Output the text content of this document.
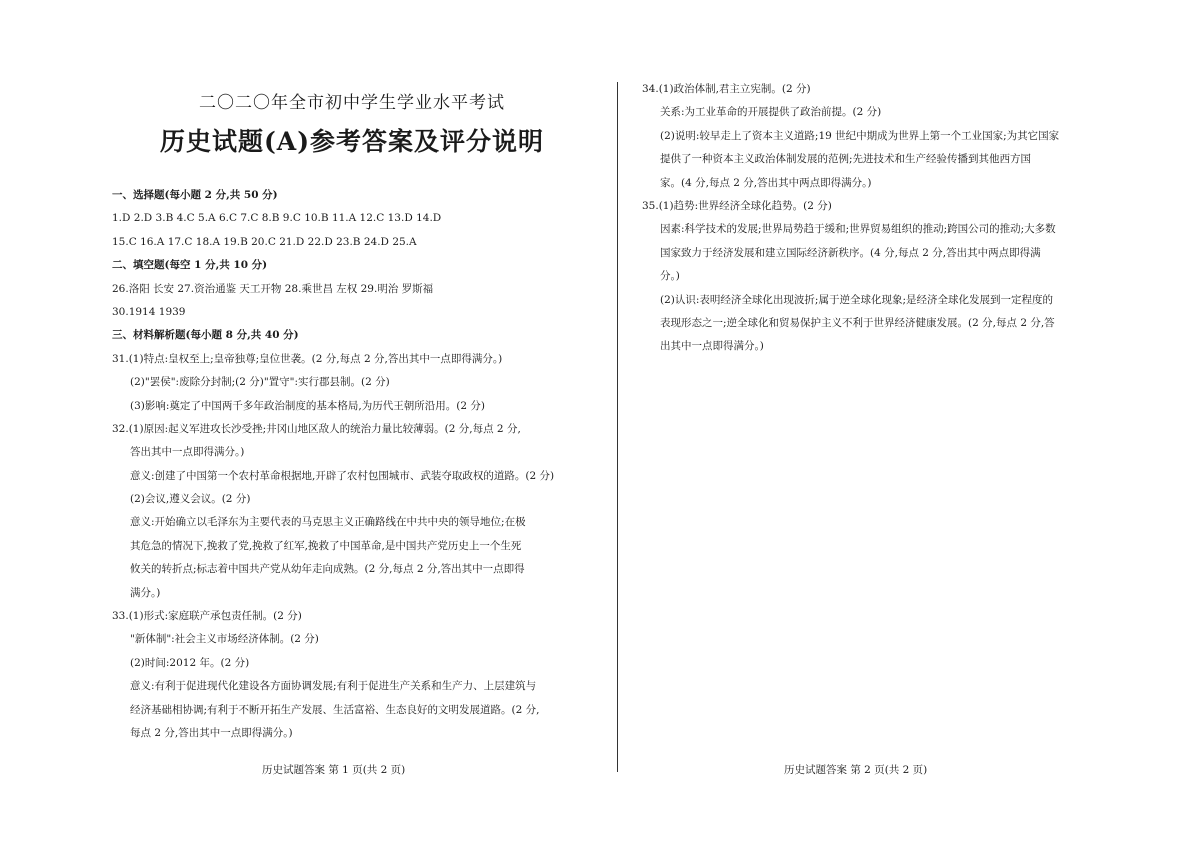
二〇二〇年全市初中学生学业水平考试
历史试题(A)参考答案及评分说明
一、选择题(每小题 2 分,共 50 分)
1.D 2.D 3.B 4.C 5.A 6.C 7.C 8.B 9.C 10.B 11.A 12.C 13.D 14.D
15.C 16.A 17.C 18.A 19.B 20.C 21.D 22.D 23.B 24.D 25.A
二、填空题(每空 1 分,共 10 分)
26.洛阳 长安 27.资治通鉴 天工开物 28.乘世昌 左权 29.明治 罗斯福
30.1914 1939
三、材料解析题(每小题 8 分,共 40 分)
31.(1)特点:皇权至上;皇帝独尊;皇位世袭。(2 分,每点 2 分,答出其中一点即得满分。)
(2)"罢侯":废除分封制;(2 分)"置守":实行郡县制。(2 分)
(3)影响:奠定了中国两千多年政治制度的基本格局,为历代王朝所沿用。(2 分)
32.(1)原因:起义军进攻长沙受挫;井冈山地区敌人的统治力量比较薄弱。(2 分,每点 2 分,
答出其中一点即得满分。)
意义:创建了中国第一个农村革命根据地,开辟了农村包围城市、武装夺取政权的道路。(2 分)
(2)会议,遵义会议。(2 分)
意义:开始确立以毛泽东为主要代表的马克思主义正确路线在中共中央的领导地位;在极
其危急的情况下,挽救了党,挽救了红军,挽救了中国革命,是中国共产党历史上一个生死
攸关的转折点;标志着中国共产党从幼年走向成熟。(2 分,每点 2 分,答出其中一点即得
满分。)
33.(1)形式:家庭联产承包责任制。(2 分)
"新体制":社会主义市场经济体制。(2 分)
(2)时间:2012 年。(2 分)
意义:有利于促进现代化建设各方面协调发展;有利于促进生产关系和生产力、上层建筑与
经济基础相协调;有利于不断开拓生产发展、生活富裕、生态良好的文明发展道路。(2 分,
每点 2 分,答出其中一点即得满分。)
历史试题答案 第 1 页(共 2 页)
34.(1)政治体制,君主立宪制。(2 分)
关系:为工业革命的开展提供了政治前提。(2 分)
(2)说明:较早走上了资本主义道路;19 世纪中期成为世界上第一个工业国家;为其它国家
提供了一种资本主义政治体制发展的范例;先进技术和生产经验传播到其他西方国
家。(4 分,每点 2 分,答出其中两点即得满分。)
35.(1)趋势:世界经济全球化趋势。(2 分)
因素:科学技术的发展;世界局势趋于缓和;世界贸易组织的推动;跨国公司的推动;大多数
国家致力于经济发展和建立国际经济新秩序。(4 分,每点 2 分,答出其中两点即得满
分。)
(2)认识:表明经济全球化出现波折;属于逆全球化现象;是经济全球化发展到一定程度的
表现形态之一;逆全球化和贸易保护主义不利于世界经济健康发展。(2 分,每点 2 分,答
出其中一点即得满分。)
历史试题答案 第 2 页(共 2 页)
